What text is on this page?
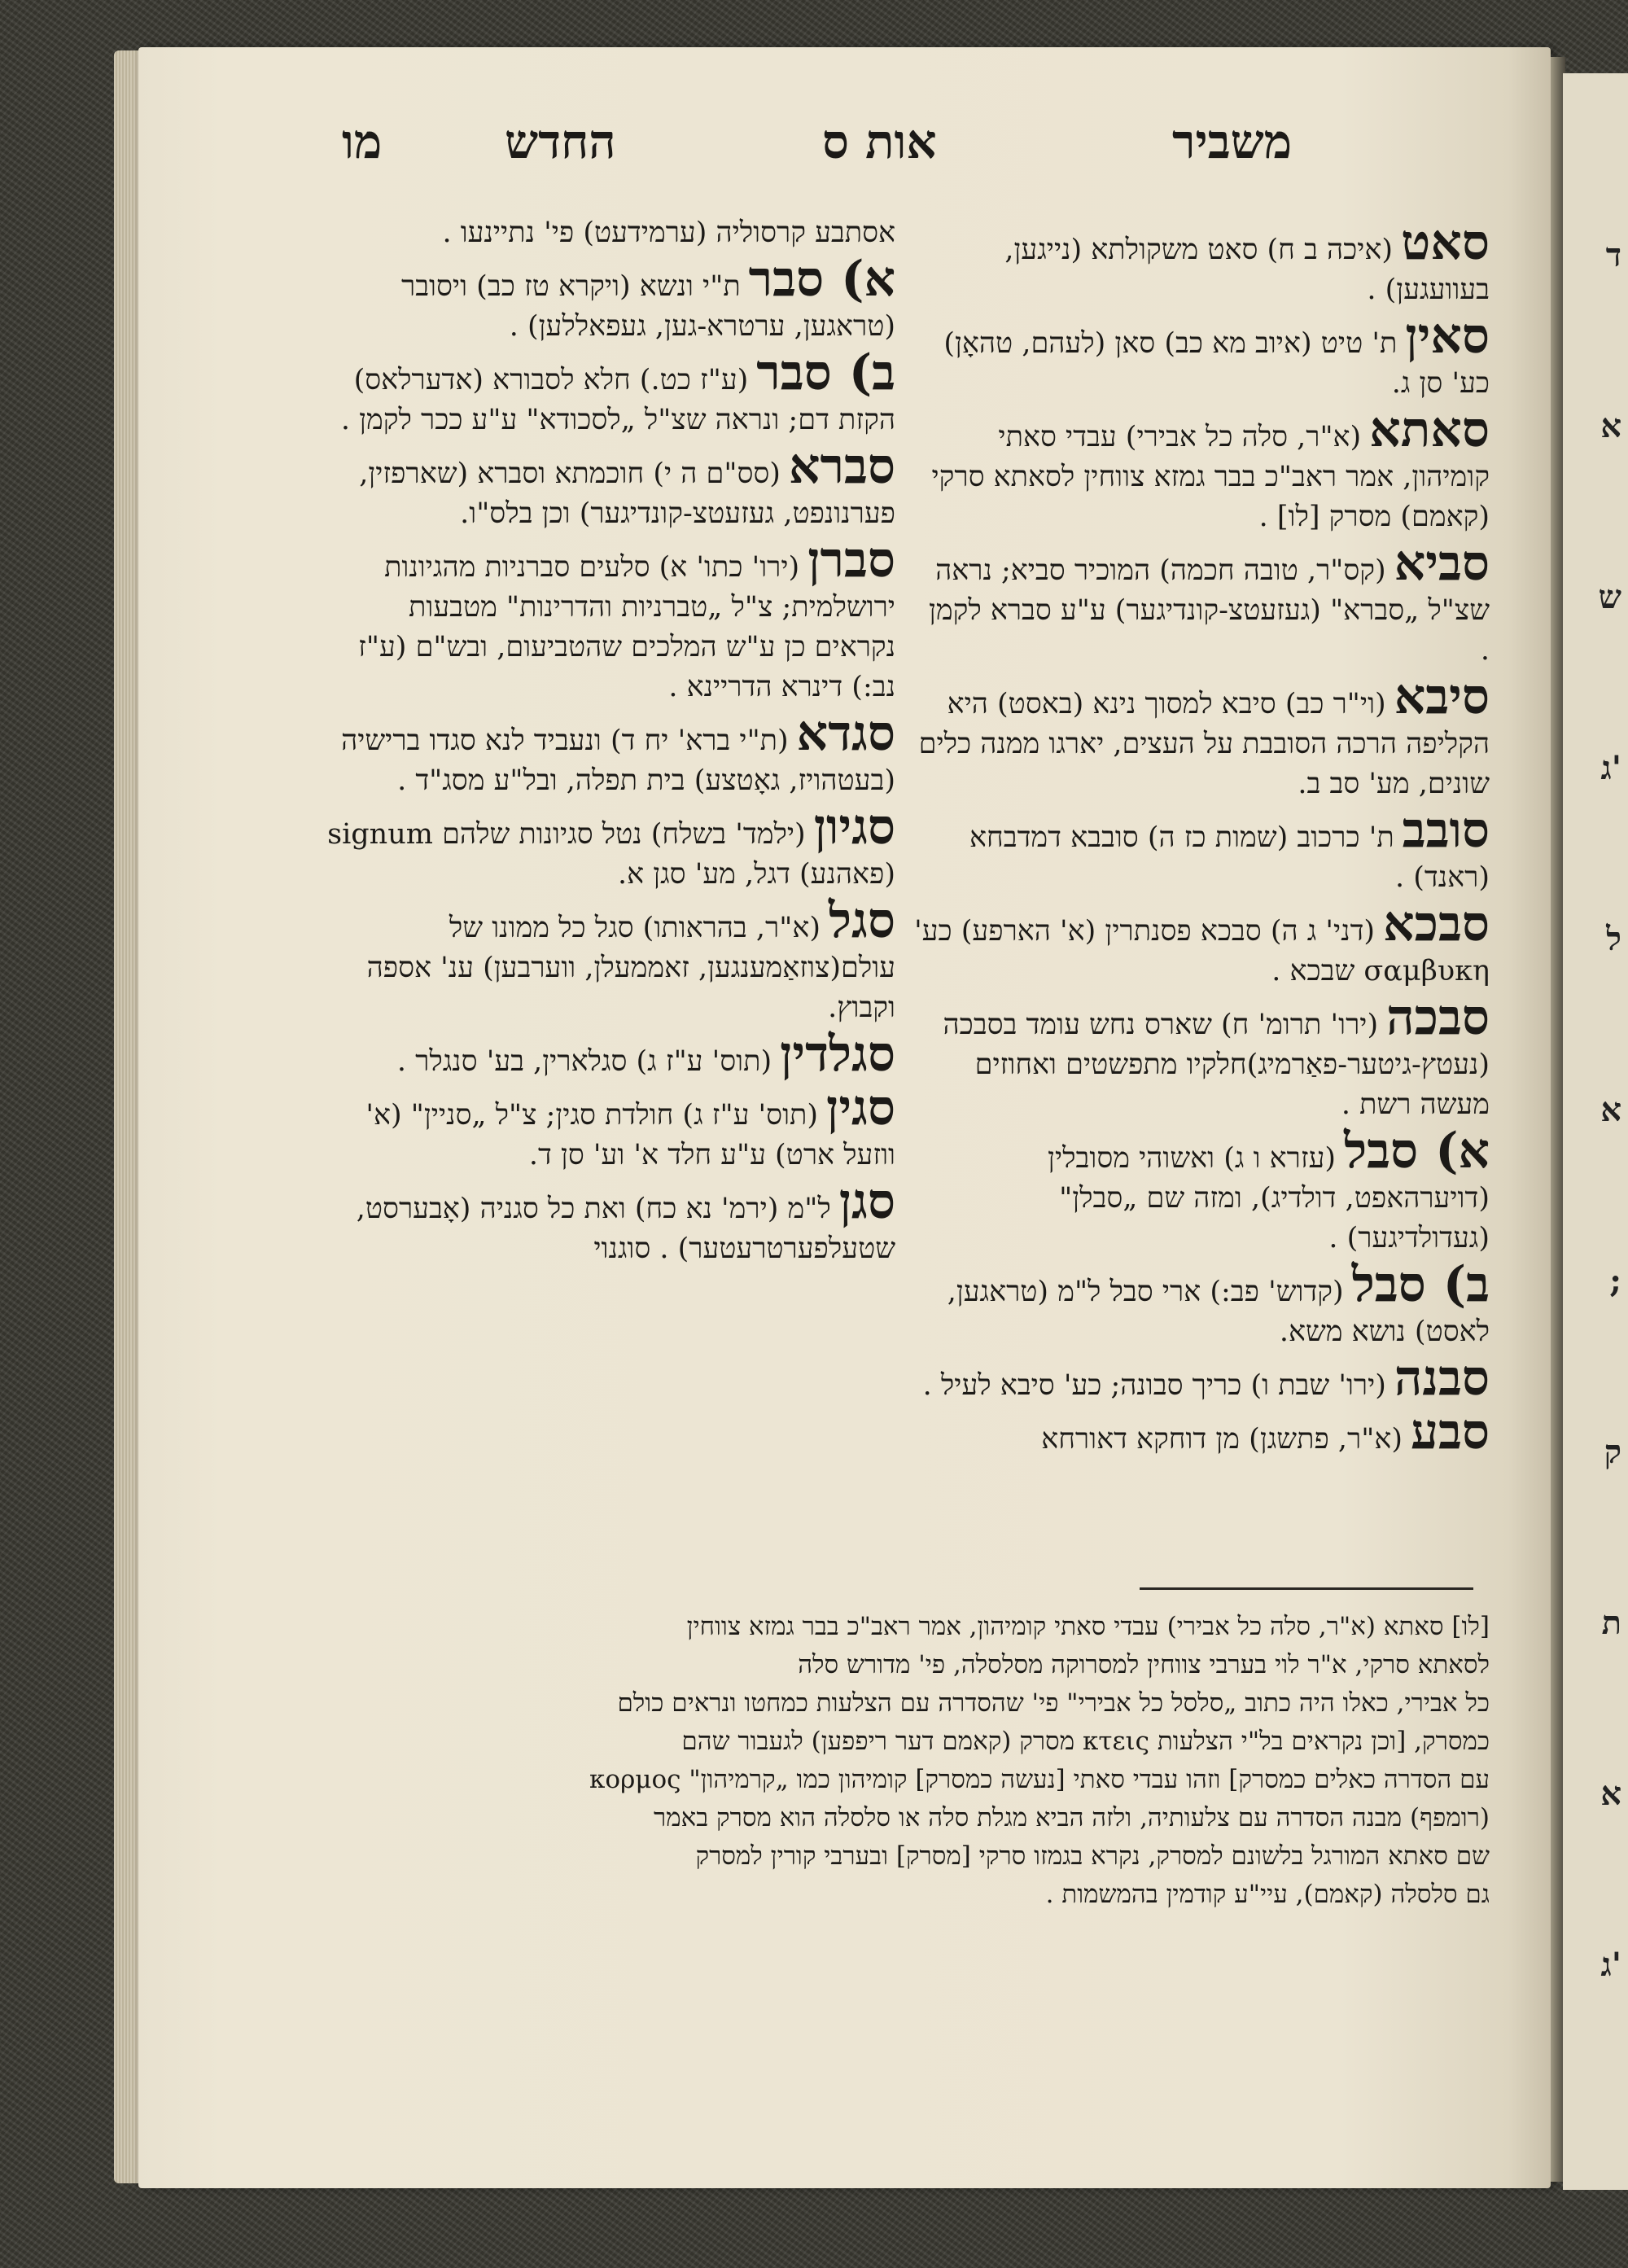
ד
א
ש
ג'
ל
א
;
ק
ת
א
ג'
מו	החדש	אות ס	משביר
סאט(איכה ב ח) סאט משקולתא (נייגען, בעוועגען) .
סאיןת' טיט (איוב מא כב) סאן (לעהם, טהאָן) כע' סן ג.
סאתא(א"ר, סלה כל אבירי) עבדי סאתי קומיהון, אמר ראב"כ בבר גמזא צווחין לסאתא סרקי (קאמם) מסרק [לו] .
סביא(קס"ר, טובה חכמה) המוכיר סביא; נראה שצ"ל „סברא" (געזעטצ-קונדיגער) ע"ע סברא לקמן .
סיבא(וי"ר כב) סיבא למסוך נינא (באסט) היא הקליפה הרכה הסובבת על העצים, יארגו ממנה כלים שונים, מע' סב ב.
סובבת' כרכוב (שמות כז ה) סובבא דמדבחא (ראנד) .
סבכא(דני' ג ה) סבכא פסנתרין (א' הארפע) כע' σαμβυκη שבכא .
סבכה(ירו' תרומ' ח) שארס נחש עומד בסבכה (נעטץ-גיטער-פאַרמיג)חלקיו מתפשטים ואחוזים מעשה רשת .
א) סבל(עזרא ו ג) ואשוהי מסובלין (דויערהאפט, דולדיג), ומזה שם „סבלן" (געדולדיגער) .
ב) סבל(קדוש' פב:) ארי סבל ל"מ (טראגען, לאסט) נושא משא.
סבנה(ירו' שבת ו) כריך סבונה; כע' סיבא לעיל .
סבע(א"ר, פתשגן) מן דוחקא דאורחא
אסתבע קרסוליה (ערמידעט) פי' נתיינעו .
א) סברת"י ונשא (ויקרא טז כב) ויסובר (טראגען, ערטרא-גען, געפאללען) .
ב) סבר(ע"ז כט.) חלא לסבורא (אדערלאס) הקזת דם; ונראה שצ"ל „לסכודא" ע"ע ככר לקמן .
סברא(סס"ם ה י) חוכמתא וסברא (שארפזין, פערנונפט, געזעטצ-קונדיגער) וכן בלס"ו.
סברן(ירו' כתו' א) סלעים סברניות מהגיונות ירושלמית; צ"ל „טברניות והדרינות" מטבעות נקראים כן ע"ש המלכים שהטביעום, ובש"ם (ע"ז נב:) דינרא הדריינא .
סגדא(ת"י ברא' יח ד) ונעביד לנא סגדו ברישיה (בעטהויז, גאָטצע) בית תפלה, ובל"ע מסג"ד .
סגיון(ילמד' בשלח) נטל סגיונות שלהם signum (פאהנע) דגל, מע' סגן א.
סגל(א"ר, בהראותו) סגל כל ממונו של עולם(צוזאַמענגען, זאממעלן, ווערבען) ענ' אספה וקבוץ.
סגלדין(תוס' ע"ז ג) סגלארין, בע' סנגלר .
סגין(תוס' ע"ז ג) חולדת סגין; צ"ל „סניין" (א' ווזעל ארט) ע"ע חלד א' וע' סן ד.
סגןל"מ (ירמ' נא כח) ואת כל סגניה (אָבערסט, שטעלפערטרעטער) . סוגנוי
[לו] סאתא (א"ר, סלה כל אבירי) עבדי סאתי קומיהון, אמר ראב"כ בבר גמזא צווחין
לסאתא סרקי, א"ר לוי בערבי צווחין למסרוקה מסלסלה, פי' מדורש סלה
כל אבירי, כאלו היה כתוב „סלסל כל אבירי" פי' שהסדרה עם הצלעות כמחטו ונראים כולם
כמסרק, [וכן נקראים בל"י הצלעות κτεις מסרק (קאמם דער ריפפען) לגעבור שהם
עם הסדרה כאלים כמסרק] וזהו עבדי סאתי [נעשה כמסרק] קומיהון כמו „קרמיהון" κορμος
(רומפף) מבנה הסדרה עם צלעותיה, ולזה הביא מגלת סלה או סלסלה הוא מסרק באמר
שם סאתא המורגל בלשונם למסרק, נקרא בגמזו סרקי [מסרק] ובערבי קורין למסרק
גם סלסלה (קאמם), עיי"ע קודמין בהמשמות .
